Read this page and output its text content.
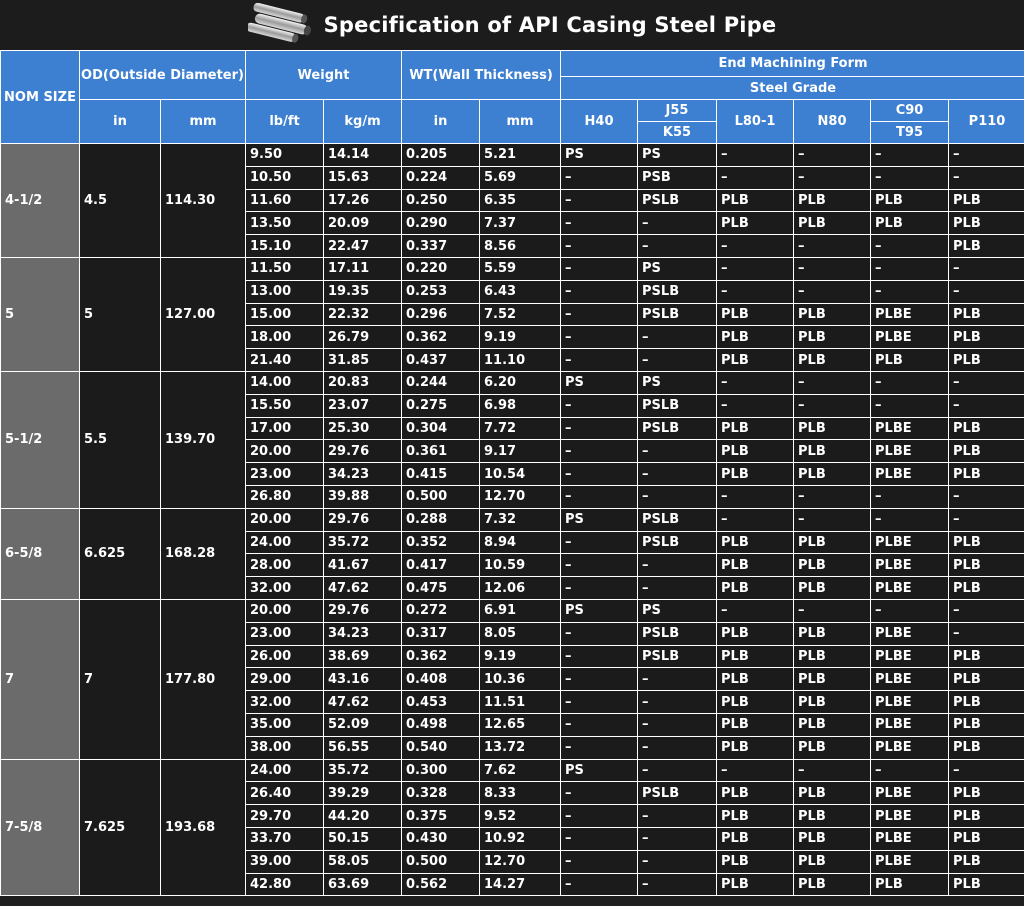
Specification of API Casing Steel Pipe
NOM SIZE	OD(Outside Diameter)		Weight		WT(Wall Thickness)		End Machining Form					
							Steel Grade					
	in	mm	lb/ft	kg/m	in	mm	H40	J55	L80-1	N80	C90	P110
								K55			T95	
4-1/2	4.5	114.30	9.50	14.14	0.205	5.21	PS	PS	–	–	–	–
			10.50	15.63	0.224	5.69	–	PSB	–	–	–	–
			11.60	17.26	0.250	6.35	–	PSLB	PLB	PLB	PLB	PLB
			13.50	20.09	0.290	7.37	–	–	PLB	PLB	PLB	PLB
			15.10	22.47	0.337	8.56	–	–	–	–	–	PLB
5	5	127.00	11.50	17.11	0.220	5.59	–	PS	–	–	–	–
			13.00	19.35	0.253	6.43	–	PSLB	–	–	–	–
			15.00	22.32	0.296	7.52	–	PSLB	PLB	PLB	PLBE	PLB
			18.00	26.79	0.362	9.19	–	–	PLB	PLB	PLBE	PLB
			21.40	31.85	0.437	11.10	–	–	PLB	PLB	PLB	PLB
5-1/2	5.5	139.70	14.00	20.83	0.244	6.20	PS	PS	–	–	–	–
			15.50	23.07	0.275	6.98	–	PSLB	–	–	–	–
			17.00	25.30	0.304	7.72	–	PSLB	PLB	PLB	PLBE	PLB
			20.00	29.76	0.361	9.17	–	–	PLB	PLB	PLBE	PLB
			23.00	34.23	0.415	10.54	–	–	PLB	PLB	PLBE	PLB
			26.80	39.88	0.500	12.70	–	–	–	–	–	–
6-5/8	6.625	168.28	20.00	29.76	0.288	7.32	PS	PSLB	–	–	–	–
			24.00	35.72	0.352	8.94	–	PSLB	PLB	PLB	PLBE	PLB
			28.00	41.67	0.417	10.59	–	–	PLB	PLB	PLBE	PLB
			32.00	47.62	0.475	12.06	–	–	PLB	PLB	PLBE	PLB
7	7	177.80	20.00	29.76	0.272	6.91	PS	PS	–	–	–	–
			23.00	34.23	0.317	8.05	–	PSLB	PLB	PLB	PLBE	–
			26.00	38.69	0.362	9.19	–	PSLB	PLB	PLB	PLBE	PLB
			29.00	43.16	0.408	10.36	–	–	PLB	PLB	PLBE	PLB
			32.00	47.62	0.453	11.51	–	–	PLB	PLB	PLBE	PLB
			35.00	52.09	0.498	12.65	–	–	PLB	PLB	PLBE	PLB
			38.00	56.55	0.540	13.72	–	–	PLB	PLB	PLBE	PLB
7-5/8	7.625	193.68	24.00	35.72	0.300	7.62	PS	–	–	–	–	–
			26.40	39.29	0.328	8.33	–	PSLB	PLB	PLB	PLBE	PLB
			29.70	44.20	0.375	9.52	–	–	PLB	PLB	PLBE	PLB
			33.70	50.15	0.430	10.92	–	–	PLB	PLB	PLBE	PLB
			39.00	58.05	0.500	12.70	–	–	PLB	PLB	PLBE	PLB
			42.80	63.69	0.562	14.27	–	–	PLB	PLB	PLB	PLB
